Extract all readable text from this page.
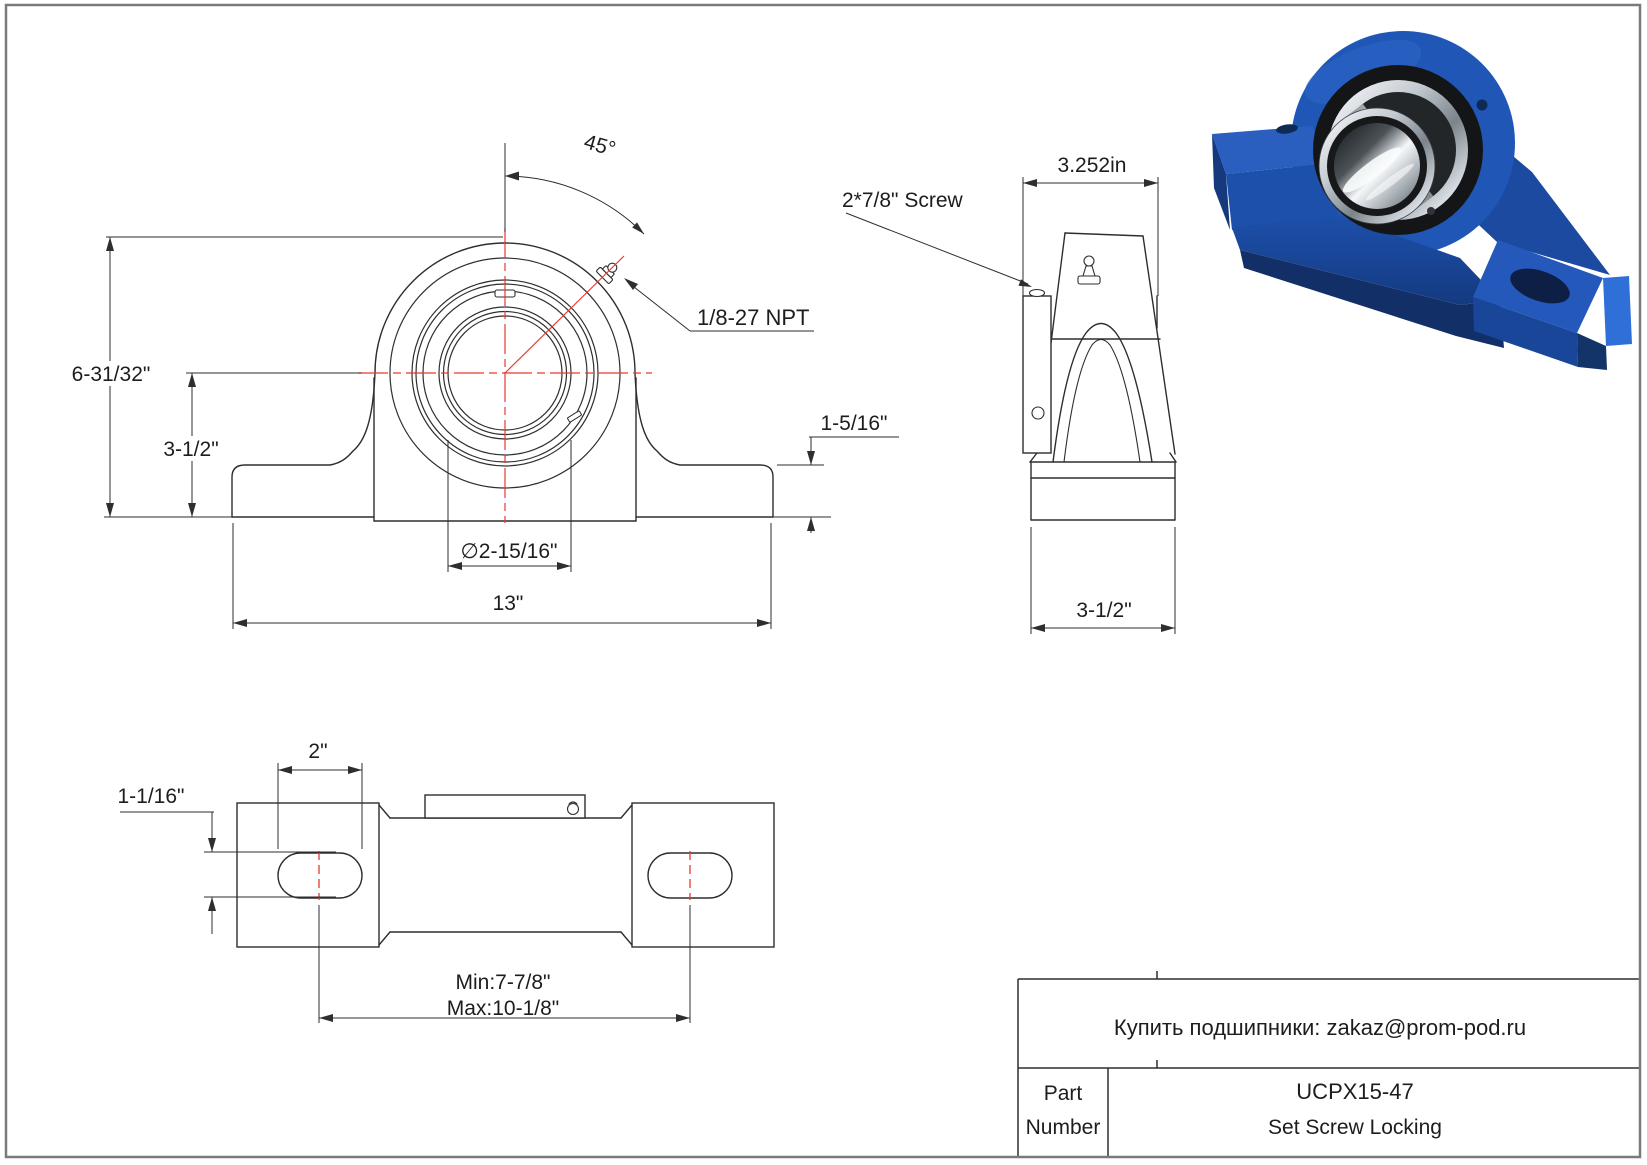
45°
6-31/32"
3-1/2"
1/8-27 NPT
∅2-15/16"
13"
1-5/16"
3.252in
2*7/8" Screw
3-1/2"
2"
1-1/16"
Min:7-7/8"
Max:10-1/8"
Купить подшипники: zakaz@prom-pod.ru
Part
Number
UCPX15-47
Set Screw Locking
